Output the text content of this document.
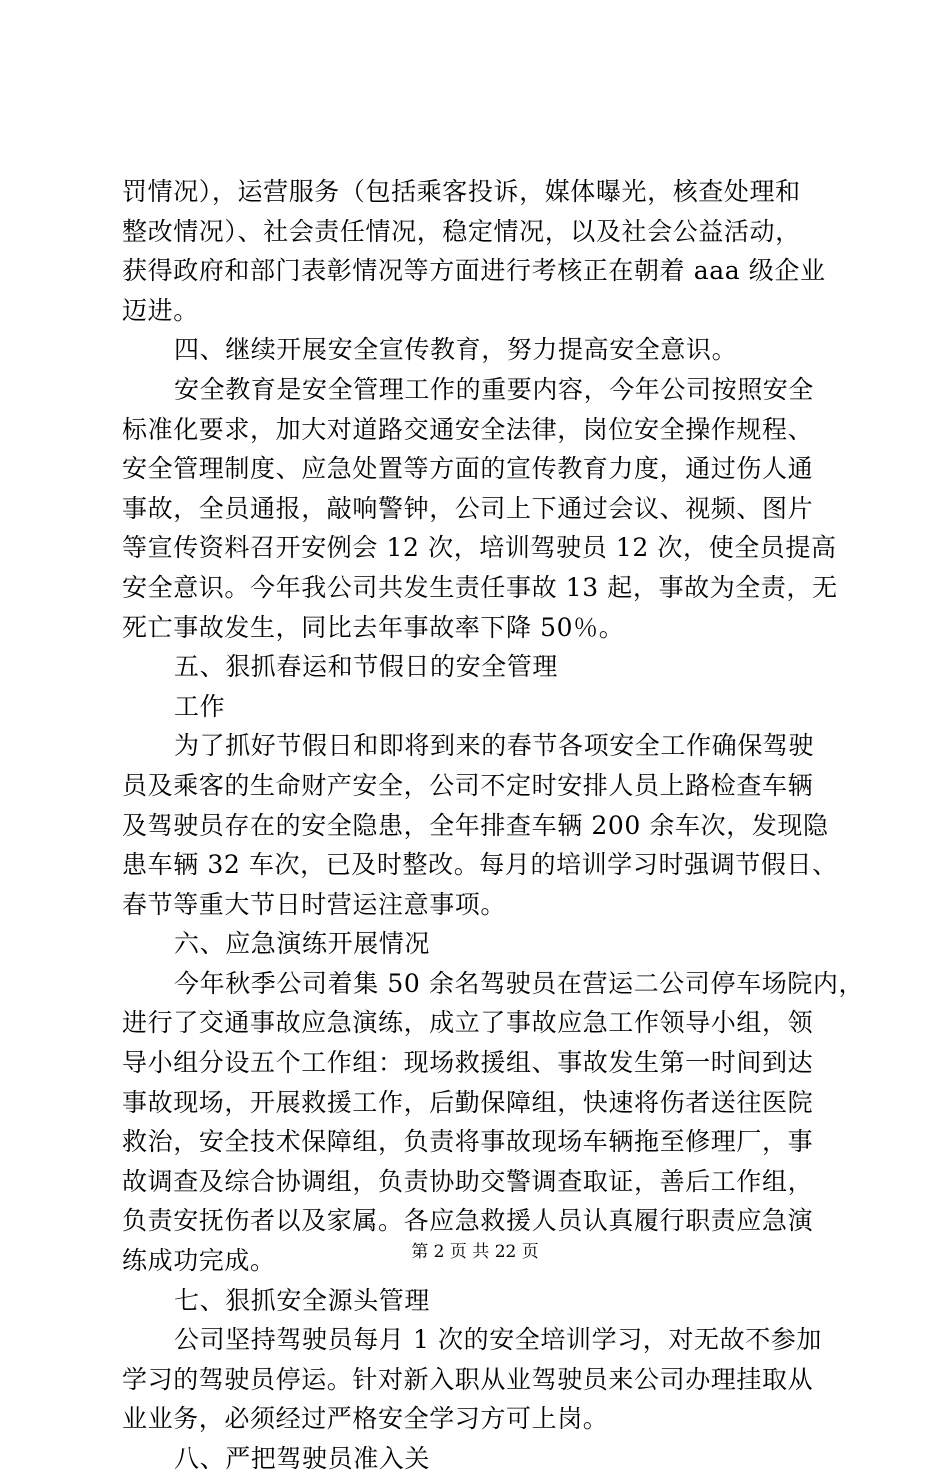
罚情况），运营服务（包括乘客投诉，媒体曝光，核查处理和
整改情况）、社会责任情况，稳定情况，以及社会公益活动，
获得政府和部门表彰情况等方面进行考核正在朝着 aaa 级企业
迈进。
四、继续开展安全宣传教育，努力提高安全意识。
安全教育是安全管理工作的重要内容，今年公司按照安全
标准化要求，加大对道路交通安全法律，岗位安全操作规程、
安全管理制度、应急处置等方面的宣传教育力度，通过伤人通
事故，全员通报，敲响警钟，公司上下通过会议、视频、图片
等宣传资料召开安例会 12 次，培训驾驶员 12 次，使全员提高
安全意识。今年我公司共发生责任事故 13 起，事故为全责，无
死亡事故发生，同比去年事故率下降 50％。
五、狠抓春运和节假日的安全管理
工作
为了抓好节假日和即将到来的春节各项安全工作确保驾驶
员及乘客的生命财产安全，公司不定时安排人员上路检查车辆
及驾驶员存在的安全隐患，全年排查车辆 200 余车次，发现隐
患车辆 32 车次，已及时整改。每月的培训学习时强调节假日、
春节等重大节日时营运注意事项。
六、应急演练开展情况
今年秋季公司着集 50 余名驾驶员在营运二公司停车场院内，
进行了交通事故应急演练，成立了事故应急工作领导小组，领
导小组分设五个工作组：现场救援组、事故发生第一时间到达
事故现场，开展救援工作，后勤保障组，快速将伤者送往医院
救治，安全技术保障组，负责将事故现场车辆拖至修理厂，事
故调查及综合协调组，负责协助交警调查取证，善后工作组，
负责安抚伤者以及家属。各应急救援人员认真履行职责应急演
练成功完成。
七、狠抓安全源头管理
公司坚持驾驶员每月 1 次的安全培训学习，对无故不参加
学习的驾驶员停运。针对新入职从业驾驶员来公司办理挂取从
业业务，必须经过严格安全学习方可上岗。
八、严把驾驶员准入关
第 2 页 共 22 页
